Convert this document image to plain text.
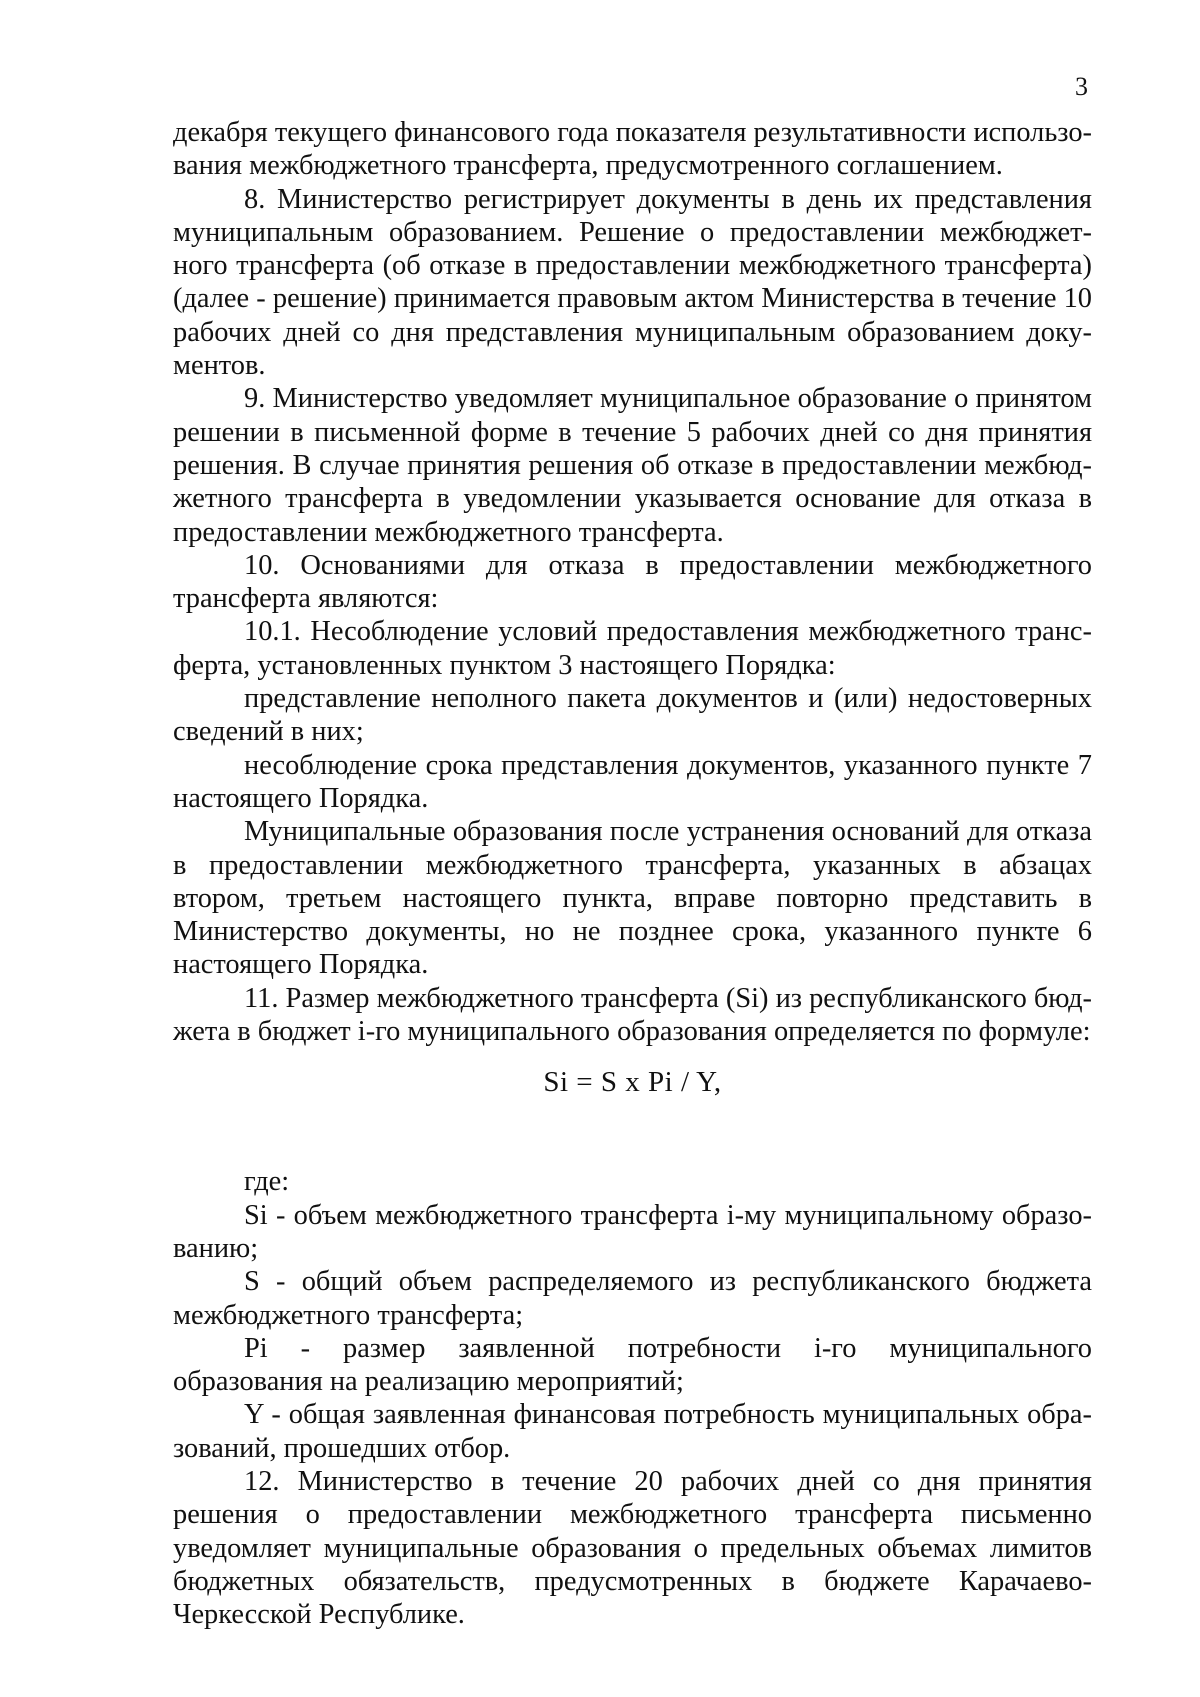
3

декабря текущего финансового года показателя результативности использования межбюджетного трансферта, предусмотренного соглашением.

8. Министерство регистрирует документы в день их представления муниципальным образованием. Решение о предоставлении межбюджетного трансферта (об отказе в предоставлении межбюджетного трансферта) (далее - решение) принимается правовым актом Министерства в течение 10 рабочих дней со дня представления муниципальным образованием документов.

9. Министерство уведомляет муниципальное образование о принятом решении в письменной форме в течение 5 рабочих дней со дня принятия решения. В случае принятия решения об отказе в предоставлении межбюджетного трансферта в уведомлении указывается основание для отказа в предоставлении межбюджетного трансферта.

10. Основаниями для отказа в предоставлении межбюджетного трансферта являются:

10.1. Несоблюдение условий предоставления межбюджетного трансферта, установленных пунктом 3 настоящего Порядка:

представление неполного пакета документов и (или) недостоверных сведений в них;

несоблюдение срока представления документов, указанного пункте 7 настоящего Порядка.

Муниципальные образования после устранения оснований для отказа в предоставлении межбюджетного трансферта, указанных в абзацах втором, третьем настоящего пункта, вправе повторно представить в Министерство документы, но не позднее срока, указанного пункте 6 настоящего Порядка.

11. Размер межбюджетного трансферта (Si) из республиканского бюджета в бюджет i-го муниципального образования определяется по формуле:

Si = S x Pi / Y,

где:

Si - объем межбюджетного трансферта i-му муниципальному образованию;

S - общий объем распределяемого из республиканского бюджета межбюджетного трансферта;

Pi - размер заявленной потребности i-го муниципального образования на реализацию мероприятий;

Y - общая заявленная финансовая потребность муниципальных образований, прошедших отбор.

12. Министерство в течение 20 рабочих дней со дня принятия решения о предоставлении межбюджетного трансферта письменно уведомляет муниципальные образования о предельных объемах лимитов бюджетных обязательств, предусмотренных в бюджете Карачаево-Черкесской Республике.
